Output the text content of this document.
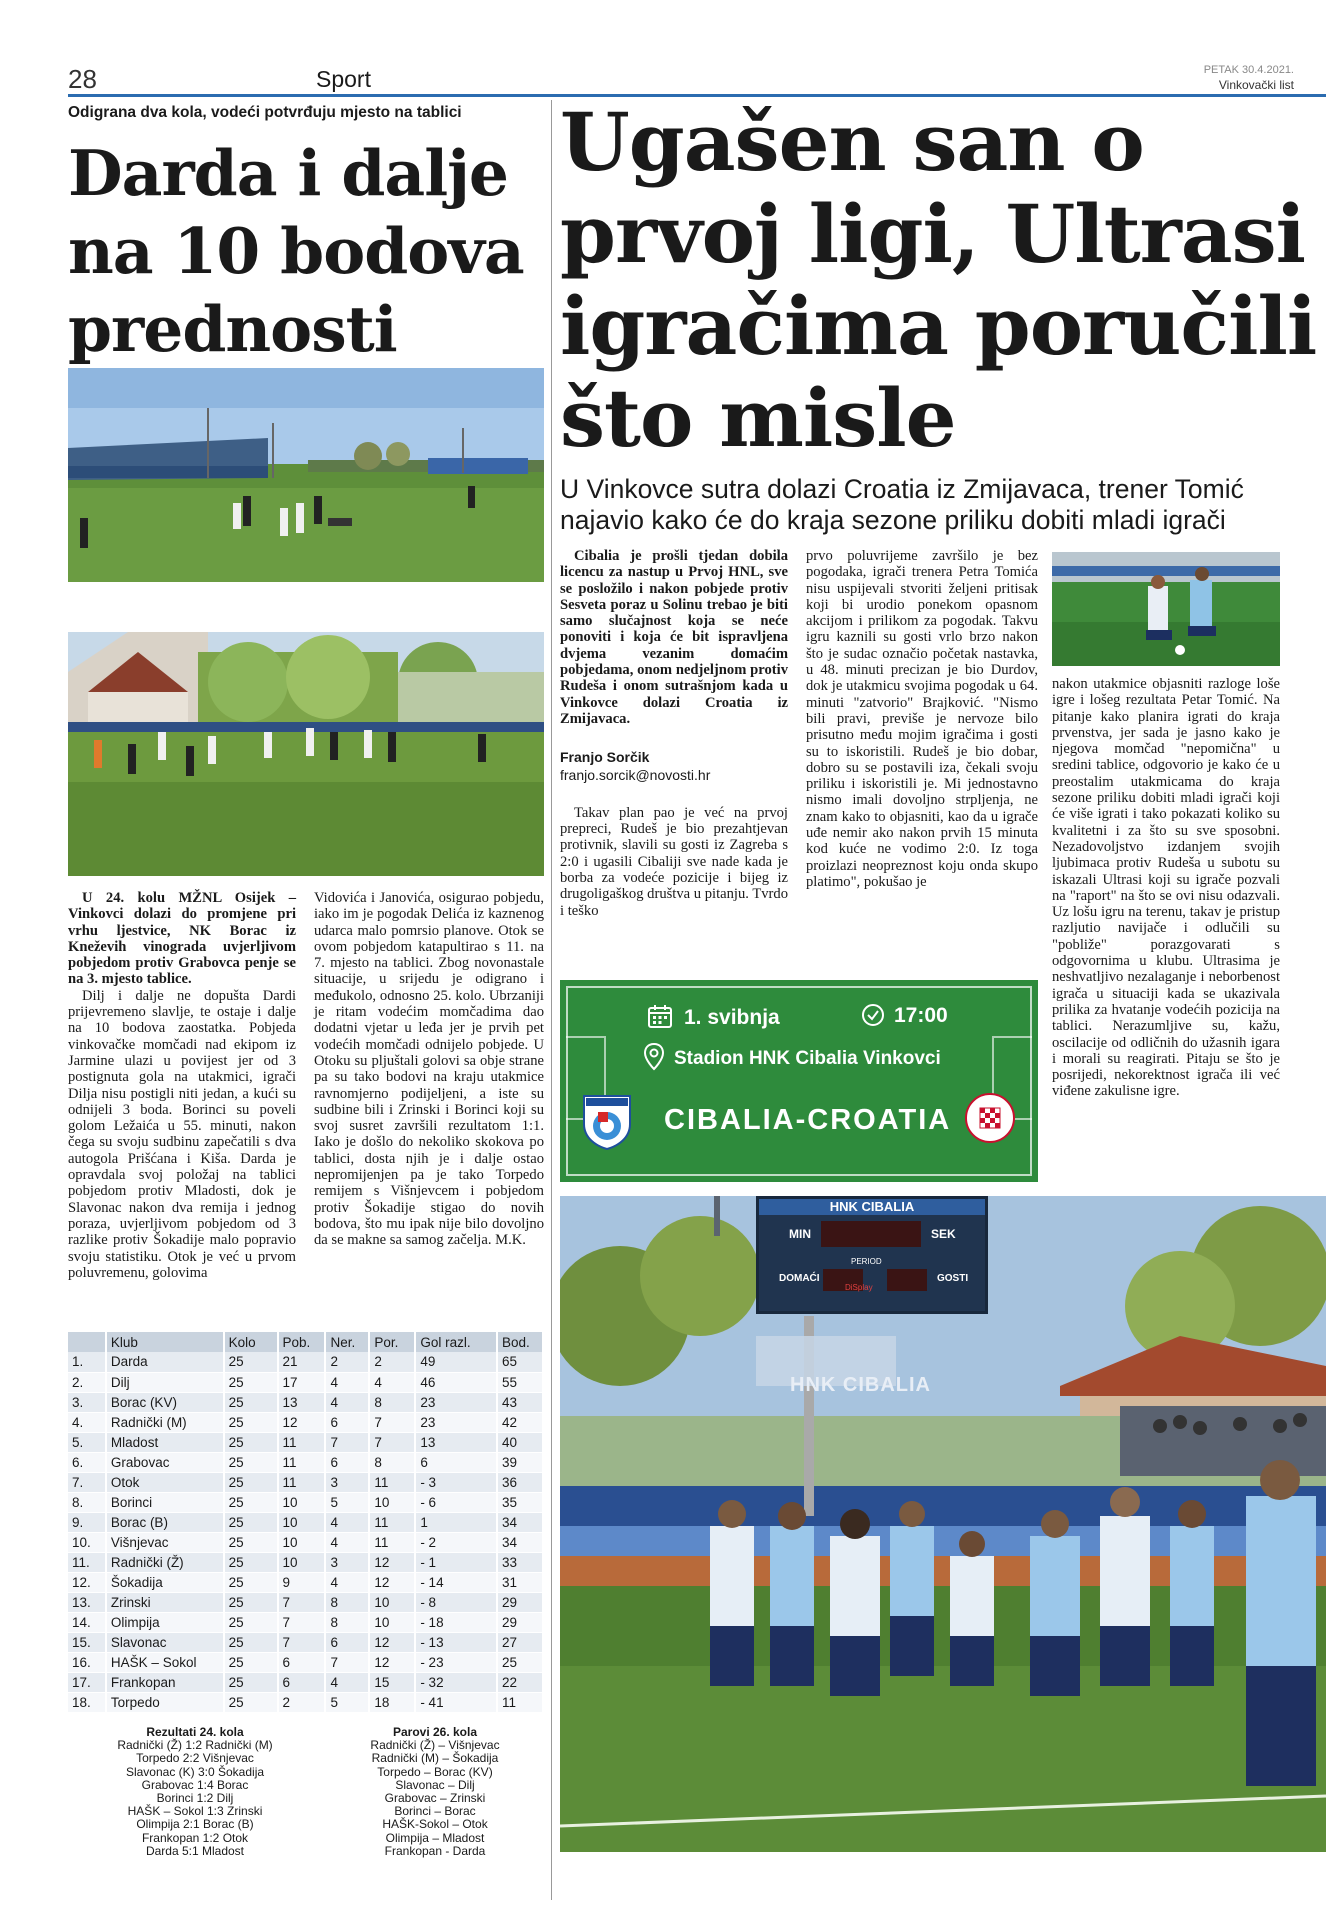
28	Sport	PETAK 30.4.2021.
Vinkovački list
Odigrana dva kola, vodeći potvrđuju mjesto na tablici
Darda i dalje na 10 bodova prednosti

U 24. kolu MŽNL Osijek – Vinkovci dolazi do promjene pri vrhu ljestvice, NK Borac iz Kneževih vinograda uvjerljivom pobjedom protiv Grabovca penje se na 3. mjesto tablice.

Dilj i dalje ne dopušta Dardi prijevremeno slavlje, te ostaje i dalje na 10 bodova zaostatka. Pobjeda vinkovačke momčadi nad ekipom iz Jarmine ulazi u povijest jer od 3 postignuta gola na utakmici, igrači Dilja nisu postigli niti jedan, a kući su odnijeli 3 boda. Borinci su poveli golom Ležaića u 55. minuti, nakon čega su svoju sudbinu zapečatili s dva autogola Prišćana i Kiša. Darda je opravdala svoj položaj na tablici pobjedom protiv Mladosti, dok je Slavonac nakon dva remija i jednog poraza, uvjerljivom pobjedom od 3 razlike protiv Šokadije malo popravio svoju statistiku. Otok je već u prvom poluvremenu, golovima

Vidovića i Janovića, osigurao pobjedu, iako im je pogodak Delića iz kaznenog udarca malo pomrsio planove. Otok se ovom pobjedom katapultirao s 11. na 7. mjesto na tablici. Zbog novonastale situacije, u srijedu je odigrano i međukolo, odnosno 25. kolo. Ubrzaniji je ritam vodećim momčadima dao dodatni vjetar u leđa jer je prvih pet vodećih momčadi odnijelo pobjede. U Otoku su pljuštali golovi sa obje strane pa su tako bodovi na kraju utakmice ravnomjerno podijeljeni, a iste su sudbine bili i Zrinski i Borinci koji su svoj susret završili rezultatom 1:1. Iako je došlo do nekoliko skokova po tablici, dosta njih je i dalje ostao nepromijenjen pa je tako Torpedo remijem s Višnjevcem i pobjedom protiv Šokadije stigao do novih bodova, što mu ipak nije bilo dovoljno da se makne sa samog začelja. M.K.

	Klub	Kolo	Pob.	Ner.	Por.	Gol razl.	Bod.
1.	Darda	25	21	2	2	49	65
2.	Dilj	25	17	4	4	46	55
3.	Borac (KV)	25	13	4	8	23	43
4.	Radnički (M)	25	12	6	7	23	42
5.	Mladost	25	11	7	7	13	40
6.	Grabovac	25	11	6	8	6	39
7.	Otok	25	11	3	11	- 3	36
8.	Borinci	25	10	5	10	- 6	35
9.	Borac (B)	25	10	4	11	1	34
10.	Višnjevac	25	10	4	11	- 2	34
11.	Radnički (Ž)	25	10	3	12	- 1	33
12.	Šokadija	25	9	4	12	- 14	31
13.	Zrinski	25	7	8	10	- 8	29
14.	Olimpija	25	7	8	10	- 18	29
15.	Slavonac	25	7	6	12	- 13	27
16.	HAŠK – Sokol	25	6	7	12	- 23	25
17.	Frankopan	25	6	4	15	- 32	22
18.	Torpedo	25	2	5	18	- 41	11
Rezultati 24. kola
Radnički (Ž) 1:2 Radnički (M)
Torpedo 2:2 Višnjevac
Slavonac (K) 3:0 Šokadija
Grabovac 1:4 Borac
Borinci 1:2 Dilj
HAŠK – Sokol 1:3 Zrinski
Olimpija 2:1 Borac (B)
Frankopan 1:2 Otok
Darda 5:1 Mladost
Parovi 26. kola
Radnički (Ž) – Višnjevac
Radnički (M) – Šokadija
Torpedo – Borac (KV)
Slavonac – Dilj
Grabovac – Zrinski
Borinci – Borac
HAŠK-Sokol – Otok
Olimpija – Mladost
Frankopan - Darda
Ugašen san o prvoj ligi, Ultrasi igračima poručili što misle
U Vinkovce sutra dolazi Croatia iz Zmijavaca, trener Tomić najavio kako će do kraja sezone priliku dobiti mladi igrači

Cibalia je prošli tjedan dobila licencu za nastup u Prvoj HNL, sve se posložilo i nakon pobjede protiv Sesveta poraz u Solinu trebao je biti samo slučajnost koja se neće ponoviti i koja će bit ispravljena dvjema vezanim domaćim pobjedama, onom nedjeljnom protiv Rudeša i onom sutrašnjom kada u Vinkovce dolazi Croatia iz Zmijavaca.

Franjo Sorčik
franjo.sorcik@novosti.hr

Takav plan pao je već na prvoj prepreci, Rudeš je bio prezahtjevan protivnik, slavili su gosti iz Zagreba s 2:0 i ugasili Cibaliji sve nade kada je borba za vodeće pozicije i bijeg iz drugoligaškog društva u pitanju. Tvrdo i teško

prvo poluvrijeme završilo je bez pogodaka, igrači trenera Petra Tomića nisu uspijevali stvoriti željeni pritisak koji bi urodio ponekom opasnom akcijom i prilikom za pogodak. Takvu igru kaznili su gosti vrlo brzo nakon što je sudac označio početak nastavka, u 48. minuti precizan je bio Durdov, dok je utakmicu svojima pogodak u 64. minuti "zatvorio" Brajković. "Nismo bili pravi, previše je nervoze bilo prisutno među mojim igračima i gosti su to iskoristili. Rudeš je bio dobar, dobro su se postavili iza, čekali svoju priliku i iskoristili je. Mi jednostavno nismo imali dovoljno strpljenja, ne znam kako to objasniti, kao da u igrače uđe nemir ako nakon prvih 15 minuta kod kuće ne vodimo 2:0. Iz toga proizlazi neopreznost koju onda skupo platimo", pokušao je

nakon utakmice objasniti razloge loše igre i lošeg rezultata Petar Tomić. Na pitanje kako planira igrati do kraja prvenstva, jer sada je jasno kako je njegova momčad "nepomična" u sredini tablice, odgovorio je kako će u preostalim utakmicama do kraja sezone priliku dobiti mladi igrači koji će više igrati i tako pokazati koliko su kvalitetni i za što su sve sposobni. Nezadovoljstvo izdanjem svojih ljubimaca protiv Rudeša u subotu su iskazali Ultrasi koji su igrače pozvali na "raport" na što se ovi nisu odazvali. Uz lošu igru na terenu, takav je pristup razljutio navijače i odlučili su "pobliže" porazgovarati s odgovornima u klubu. Ultrasima je neshvatljivo nezalaganje i neborbenost igrača u situaciji kada se ukazivala prilika za hvatanje vodećih pozicija na tablici. Nerazumljive su, kažu, oscilacije od odličnih do užasnih igara i morali su reagirati. Pitaju se što je posrijedi, nekorektnost igrača ili već viđene zakulisne igre.

1. svibnja	17:00
Stadion HNK Cibalia Vinkovci
CIBALIA-CROATIA
HNK CIBALIA
MIN	SEK
PERIOD
DOMAĆI
DiSplay
GOSTI
HNK CIBALIA
